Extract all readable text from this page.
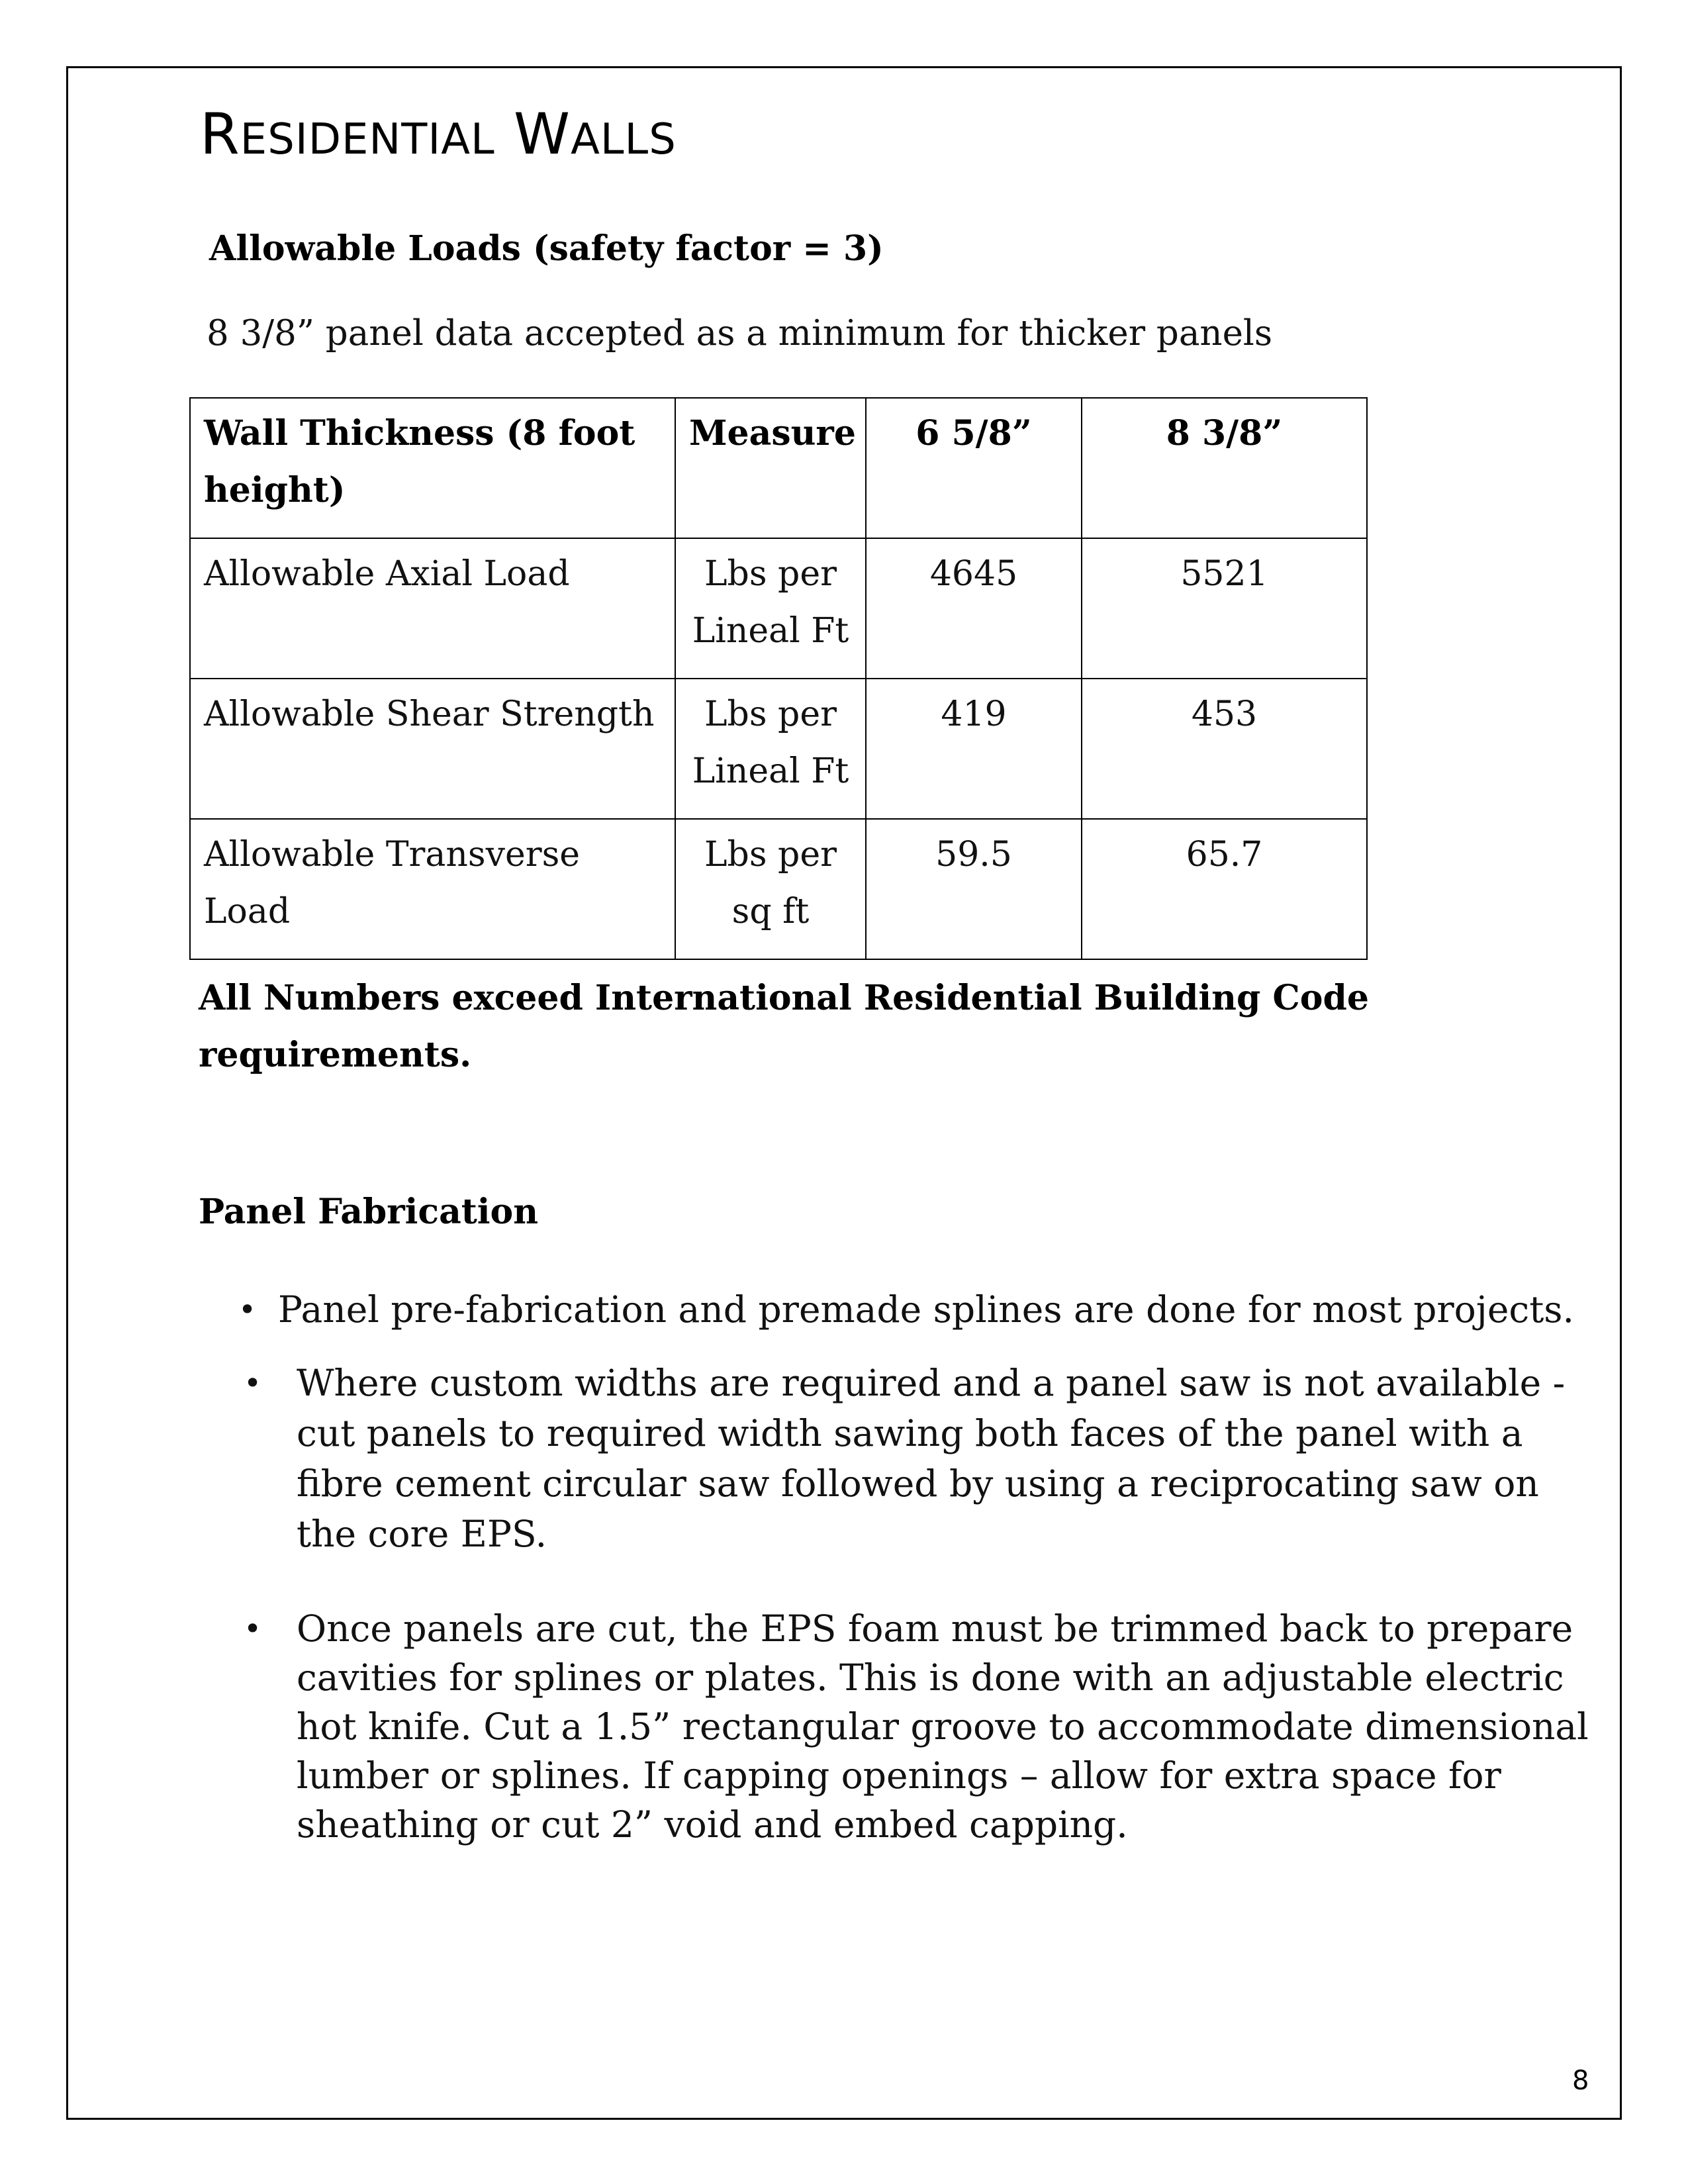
RESIDENTIAL WALLS
Allowable Loads (safety factor = 3)
8 3/8” panel data accepted as a minimum for thicker panels
Wall Thickness (8 foot height)	Measure	6 5/8”	8 3/8”
Allowable Axial Load	Lbs per Lineal Ft	4645	5521
Allowable Shear Strength	Lbs per Lineal Ft	419	453
Allowable Transverse Load	Lbs per sq ft	59.5	65.7
All Numbers exceed International Residential Building Code requirements.
Panel Fabrication
• Panel pre-fabrication and premade splines are done for most projects.
• Where custom widths are required and a panel saw is not available - cut panels to required width sawing both faces of the panel with a fibre cement circular saw followed by using a reciprocating saw on the core EPS.
• Once panels are cut, the EPS foam must be trimmed back to prepare cavities for splines or plates. This is done with an adjustable electric hot knife. Cut a 1.5” rectangular groove to accommodate dimensional lumber or splines. If capping openings – allow for extra space for sheathing or cut 2” void and embed capping.
8
